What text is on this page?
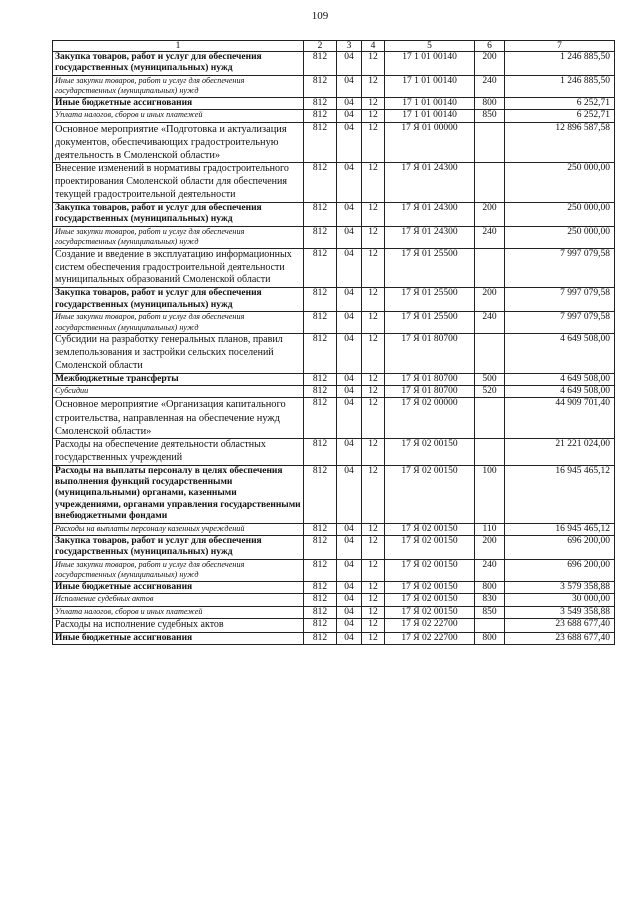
109
1	2	3	4	5	6	7
Закупка товаров, работ и услуг для обеспечения государственных (муниципальных) нужд	812	04	12	17 1 01 00140	200	1 246 885,50
Иные закупки товаров, работ и услуг для обеспечения государственных (муниципальных) нужд	812	04	12	17 1 01 00140	240	1 246 885,50
Иные бюджетные ассигнования	812	04	12	17 1 01 00140	800	6 252,71
Уплата налогов, сборов и иных платежей	812	04	12	17 1 01 00140	850	6 252,71
Основное мероприятие «Подготовка и актуализация документов, обеспечивающих градостроительную деятельность в Смоленской области»	812	04	12	17 Я 01 00000		12 896 587,58
Внесение изменений в нормативы градостроительного проектирования Смоленской области для обеспечения текущей градостроительной деятельности	812	04	12	17 Я 01 24300		250 000,00
Закупка товаров, работ и услуг для обеспечения государственных (муниципальных) нужд	812	04	12	17 Я 01 24300	200	250 000,00
Иные закупки товаров, работ и услуг для обеспечения государственных (муниципальных) нужд	812	04	12	17 Я 01 24300	240	250 000,00
Создание и введение в эксплуатацию информационных систем обеспечения градостроительной деятельности муниципальных образований Смоленской области	812	04	12	17 Я 01 25500		7 997 079,58
Закупка товаров, работ и услуг для обеспечения государственных (муниципальных) нужд	812	04	12	17 Я 01 25500	200	7 997 079,58
Иные закупки товаров, работ и услуг для обеспечения государственных (муниципальных) нужд	812	04	12	17 Я 01 25500	240	7 997 079,58
Субсидии на разработку генеральных планов, правил землепользования и застройки сельских поселений Смоленской области	812	04	12	17 Я 01 80700		4 649 508,00
Межбюджетные трансферты	812	04	12	17 Я 01 80700	500	4 649 508,00
Субсидии	812	04	12	17 Я 01 80700	520	4 649 508,00
Основное мероприятие «Организация капитального строительства, направленная на обеспечение нужд Смоленской области»	812	04	12	17 Я 02 00000		44 909 701,40
Расходы на обеспечение деятельности областных государственных учреждений	812	04	12	17 Я 02 00150		21 221 024,00
Расходы на выплаты персоналу в целях обеспечения выполнения функций государственными (муниципальными) органами, казенными учреждениями, органами управления государственными внебюджетными фондами	812	04	12	17 Я 02 00150	100	16 945 465,12
Расходы на выплаты персоналу казенных учреждений	812	04	12	17 Я 02 00150	110	16 945 465,12
Закупка товаров, работ и услуг для обеспечения государственных (муниципальных) нужд	812	04	12	17 Я 02 00150	200	696 200,00
Иные закупки товаров, работ и услуг для обеспечения государственных (муниципальных) нужд	812	04	12	17 Я 02 00150	240	696 200,00
Иные бюджетные ассигнования	812	04	12	17 Я 02 00150	800	3 579 358,88
Исполнение судебных актов	812	04	12	17 Я 02 00150	830	30 000,00
Уплата налогов, сборов и иных платежей	812	04	12	17 Я 02 00150	850	3 549 358,88
Расходы на исполнение судебных актов	812	04	12	17 Я 02 22700		23 688 677,40
Иные бюджетные ассигнования	812	04	12	17 Я 02 22700	800	23 688 677,40
